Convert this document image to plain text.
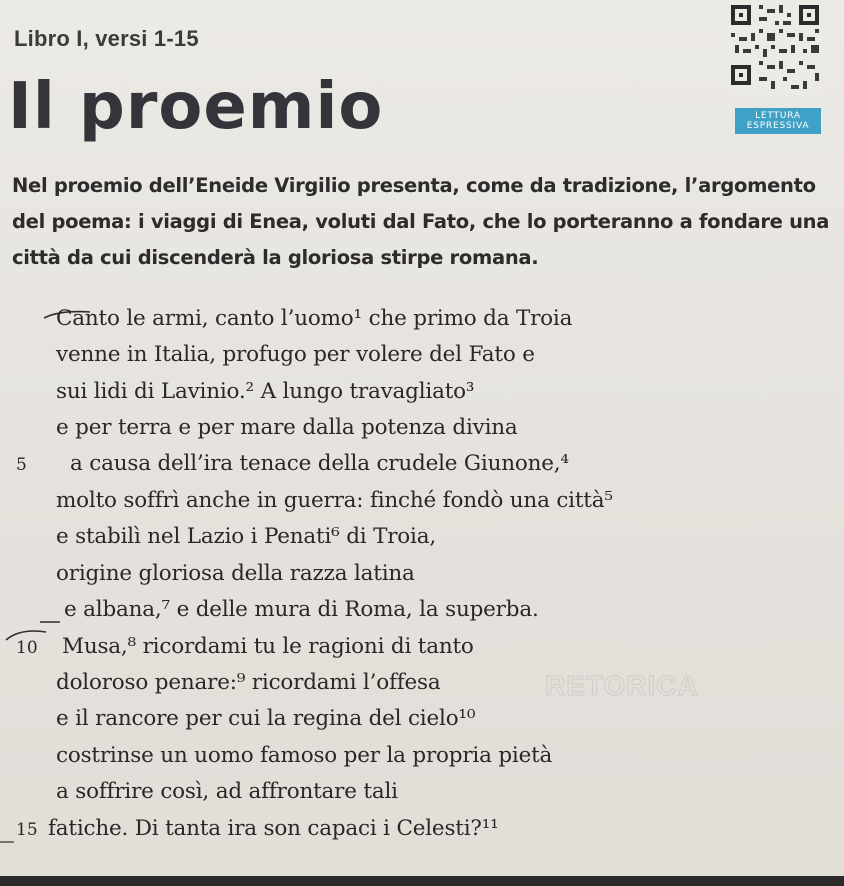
Libro I, versi 1-15
Il proemio	LETTURA
ESPRESSIVA
Nel proemio dell’Eneide Virgilio presenta, come da tradizione, l’argomento
del poema: i viaggi di Enea, voluti dal Fato, che lo porteranno a fondare una
città da cui discenderà la gloriosa stirpe romana.
RETORICA
Canto le armi, canto l’uomo¹ che primo da Troia
venne in Italia, profugo per volere del Fato e
sui lidi di Lavinio.² A lungo travagliato³
e per terra e per mare dalla potenza divina
5 a causa dell’ira tenace della crudele Giunone,⁴
molto soffrì anche in guerra: finché fondò una città⁵
e stabilì nel Lazio i Penati⁶ di Troia,
origine gloriosa della razza latina
e albana,⁷ e delle mura di Roma, la superba.
10 Musa,⁸ ricordami tu le ragioni di tanto
doloroso penare:⁹ ricordami l’offesa
e il rancore per cui la regina del cielo¹⁰
costrinse un uomo famoso per la propria pietà
a soffrire così, ad affrontare tali
15 fatiche. Di tanta ira son capaci i Celesti?¹¹
